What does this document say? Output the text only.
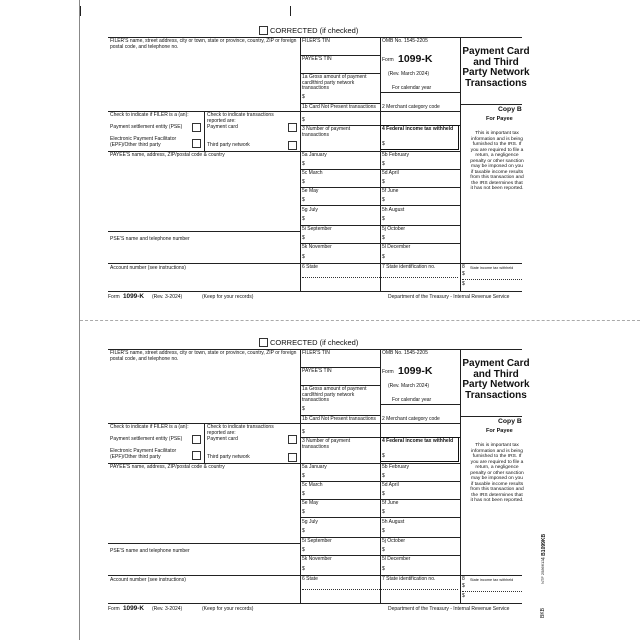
4 B1099KB
NTF 2586612
BKB
CORRECTED (if checked)
FILER'S name, street address, city or town, state or province, country, ZIP or foreign postal code, and telephone no.
FILER'S TIN
PAYEE'S TIN
1a Gross amount of payment card/third party network transactions
$
1b Card Not Present transactions
$
2 Merchant category code
3 Number of payment transactions
4 Federal income tax withheld
$
OMB No. 1545-2205
Form 1099-K
(Rev. March 2024)
For calendar year
Payment Card and Third Party Network Transactions
Copy B
For Payee
This is important tax information and is being furnished to the IRS. If you are required to file a return, a negligence penalty or other sanction may be imposed on you if taxable income results from this transaction and the IRS determines that it has not been reported.
Check to indicate if FILER is a (an):
Payment settlement entity (PSE)
Electronic Payment Facilitator (EPF)/Other third party
Check to indicate transactions reported are:
Payment card
Third party network
PAYEE'S name, address, ZIP/postal code & country
PSE'S name and telephone number
Account number (see instructions)
5a January	5b February
$	$
5c March	5d April
$	$
5e May	5f June
$	$
5g July	5h August
$	$
5i September	5j October
$	$
5k November	5l December
$	$
6 State	7 State identification no.	8 State income tax withheld
$
$
Form 1099-K (Rev. 3-2024)	(Keep for your records)	Department of the Treasury - Internal Revenue Service
CORRECTED (if checked)
FILER'S name, street address, city or town, state or province, country, ZIP or foreign postal code, and telephone no.
FILER'S TIN
PAYEE'S TIN
1a Gross amount of payment card/third party network transactions
$
1b Card Not Present transactions
$
2 Merchant category code
3 Number of payment transactions
4 Federal income tax withheld
$
OMB No. 1545-2205
Form 1099-K
(Rev. March 2024)
For calendar year
Payment Card and Third Party Network Transactions
Copy B
For Payee
This is important tax information and is being furnished to the IRS. If you are required to file a return, a negligence penalty or other sanction may be imposed on you if taxable income results from this transaction and the IRS determines that it has not been reported.
Check to indicate if FILER is a (an):
Payment settlement entity (PSE)
Electronic Payment Facilitator (EPF)/Other third party
Check to indicate transactions reported are:
Payment card
Third party network
PAYEE'S name, address, ZIP/postal code & country
PSE'S name and telephone number
Account number (see instructions)
5a January	5b February
$	$
5c March	5d April
$	$
5e May	5f June
$	$
5g July	5h August
$	$
5i September	5j October
$	$
5k November	5l December
$	$
6 State	7 State identification no.	8 State income tax withheld
$
$
Form 1099-K (Rev. 3-2024)	(Keep for your records)	Department of the Treasury - Internal Revenue Service
